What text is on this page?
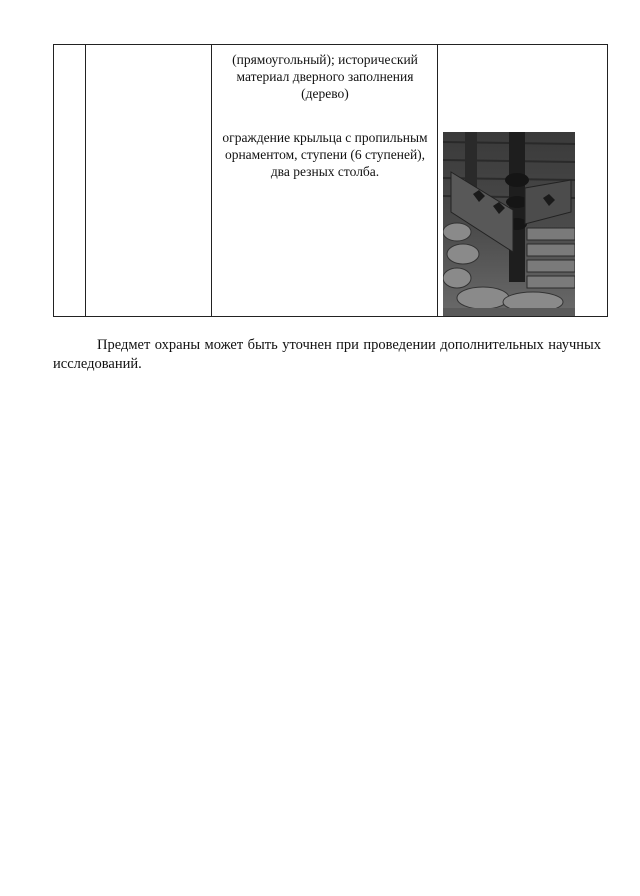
(прямоугольный); исторический материал дверного заполнения (дерево)

ограждение крыльца с пропильным орнаментом, ступени (6 ступеней), два резных столба.

Предмет охраны может быть уточнен при проведении дополнительных научных исследований.
